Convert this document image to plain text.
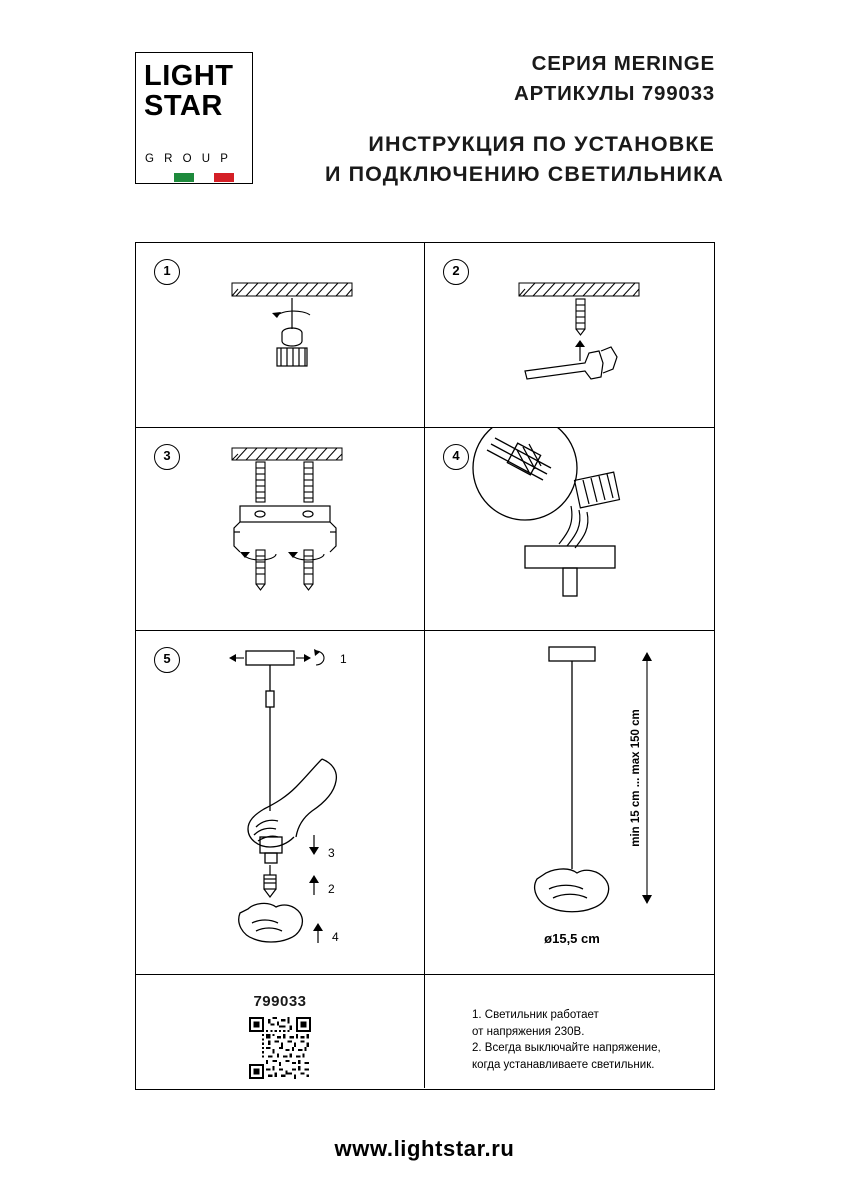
LIGHT
STAR
G R O U P
СЕРИЯ MERINGE
АРТИКУЛЫ 799033
ИНСТРУКЦИЯ ПО УСТАНОВКЕ
И ПОДКЛЮЧЕНИЮ СВЕТИЛЬНИКА
1	2
3	4
5	1
3
2
4
min 15 cm ... max 150 cm
ø15,5 cm
799033
1. Светильник работает
от напряжения 230В.
2. Всегда выключайте напряжение,
когда устанавливаете светильник.
www.lightstar.ru
